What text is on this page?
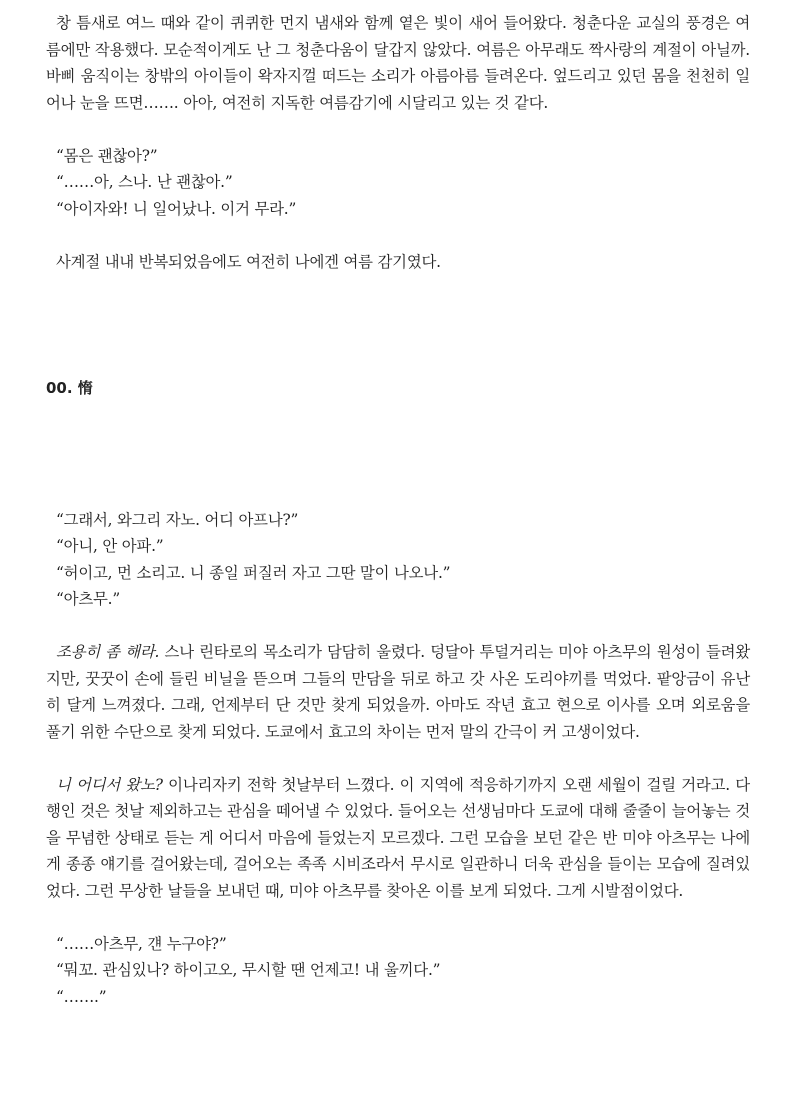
창 틈새로 여느 때와 같이 퀴퀴한 먼지 냄새와 함께 옅은 빛이 새어 들어왔다. 청춘다운 교실의 풍경은 여름에만 작용했다. 모순적이게도 난 그 청춘다움이 달갑지 않았다. 여름은 아무래도 짝사랑의 계절이 아닐까. 바삐 움직이는 창밖의 아이들이 왁자지껄 떠드는 소리가 아름아름 들려온다. 엎드리고 있던 몸을 천천히 일어나 눈을 뜨면……. 아아, 여전히 지독한 여름감기에 시달리고 있는 것 같다.

“몸은 괜찮아?”

“……아, 스나. 난 괜찮아.”

“아이자와! 니 일어났나. 이거 무라.”

사계절 내내 반복되었음에도 여전히 나에겐 여름 감기였다.

00. 惰

“그래서, 와그리 자노. 어디 아프나?”

“아니, 안 아파.”

“허이고, 먼 소리고. 니 종일 퍼질러 자고 그딴 말이 나오나.”

“아츠무.”

조용히 좀 해라. 스나 린타로의 목소리가 담담히 울렸다. 덩달아 투덜거리는 미야 아츠무의 원성이 들려왔지만, 꿋꿋이 손에 들린 비닐을 뜯으며 그들의 만담을 뒤로 하고 갓 사온 도리야끼를 먹었다. 팥앙금이 유난히 달게 느껴졌다. 그래, 언제부터 단 것만 찾게 되었을까. 아마도 작년 효고 현으로 이사를 오며 외로움을 풀기 위한 수단으로 찾게 되었다. 도쿄에서 효고의 차이는 먼저 말의 간극이 커 고생이었다.

니 어디서 왔노? 이나리자키 전학 첫날부터 느꼈다. 이 지역에 적응하기까지 오랜 세월이 걸릴 거라고. 다행인 것은 첫날 제외하고는 관심을 떼어낼 수 있었다. 들어오는 선생님마다 도쿄에 대해 줄줄이 늘어놓는 것을 무념한 상태로 듣는 게 어디서 마음에 들었는지 모르겠다. 그런 모습을 보던 같은 반 미야 아츠무는 나에게 종종 얘기를 걸어왔는데, 걸어오는 족족 시비조라서 무시로 일관하니 더욱 관심을 들이는 모습에 질려있었다. 그런 무상한 날들을 보내던 때, 미야 아츠무를 찾아온 이를 보게 되었다. 그게 시발점이었다.

“……아츠무, 걘 누구야?”

“뭐꼬. 관심있나? 하이고오, 무시할 땐 언제고! 내 울끼다.”

“…….”
